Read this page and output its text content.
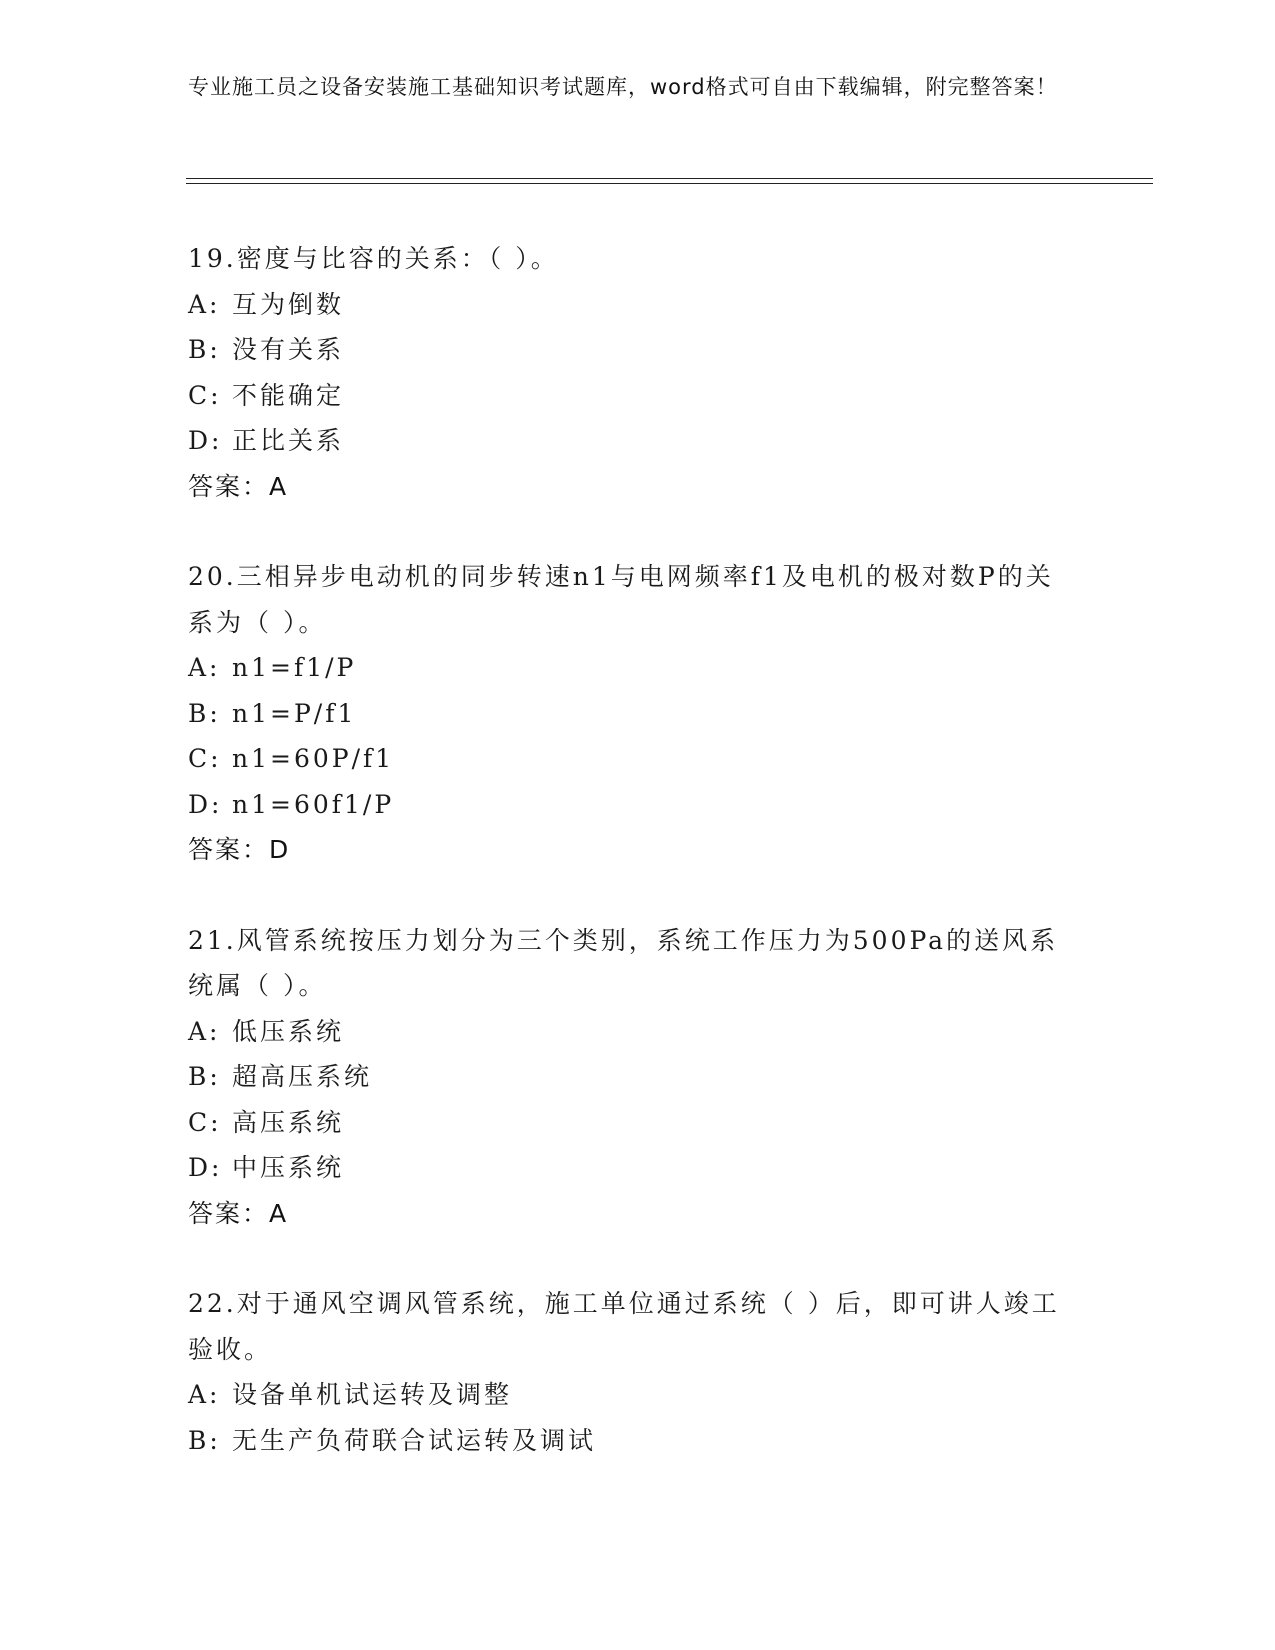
专业施工员之设备安装施工基础知识考试题库，word格式可自由下载编辑，附完整答案！

19.密度与比容的关系：（ ）。

A: 互为倒数

B: 没有关系

C: 不能确定

D: 正比关系

答案：A

20.三相异步电动机的同步转速n1与电网频率f1及电机的极对数P的关系为（ ）。

A: n1=f1/P

B: n1=P/f1

C: n1=60P/f1

D: n1=60f1/P

答案：D

21.风管系统按压力划分为三个类别，系统工作压力为500Pa的送风系统属（ ）。

A: 低压系统

B: 超高压系统

C: 高压系统

D: 中压系统

答案：A

22.对于通风空调风管系统，施工单位通过系统（ ）后，即可讲人竣工验收。

A: 设备单机试运转及调整

B: 无生产负荷联合试运转及调试
